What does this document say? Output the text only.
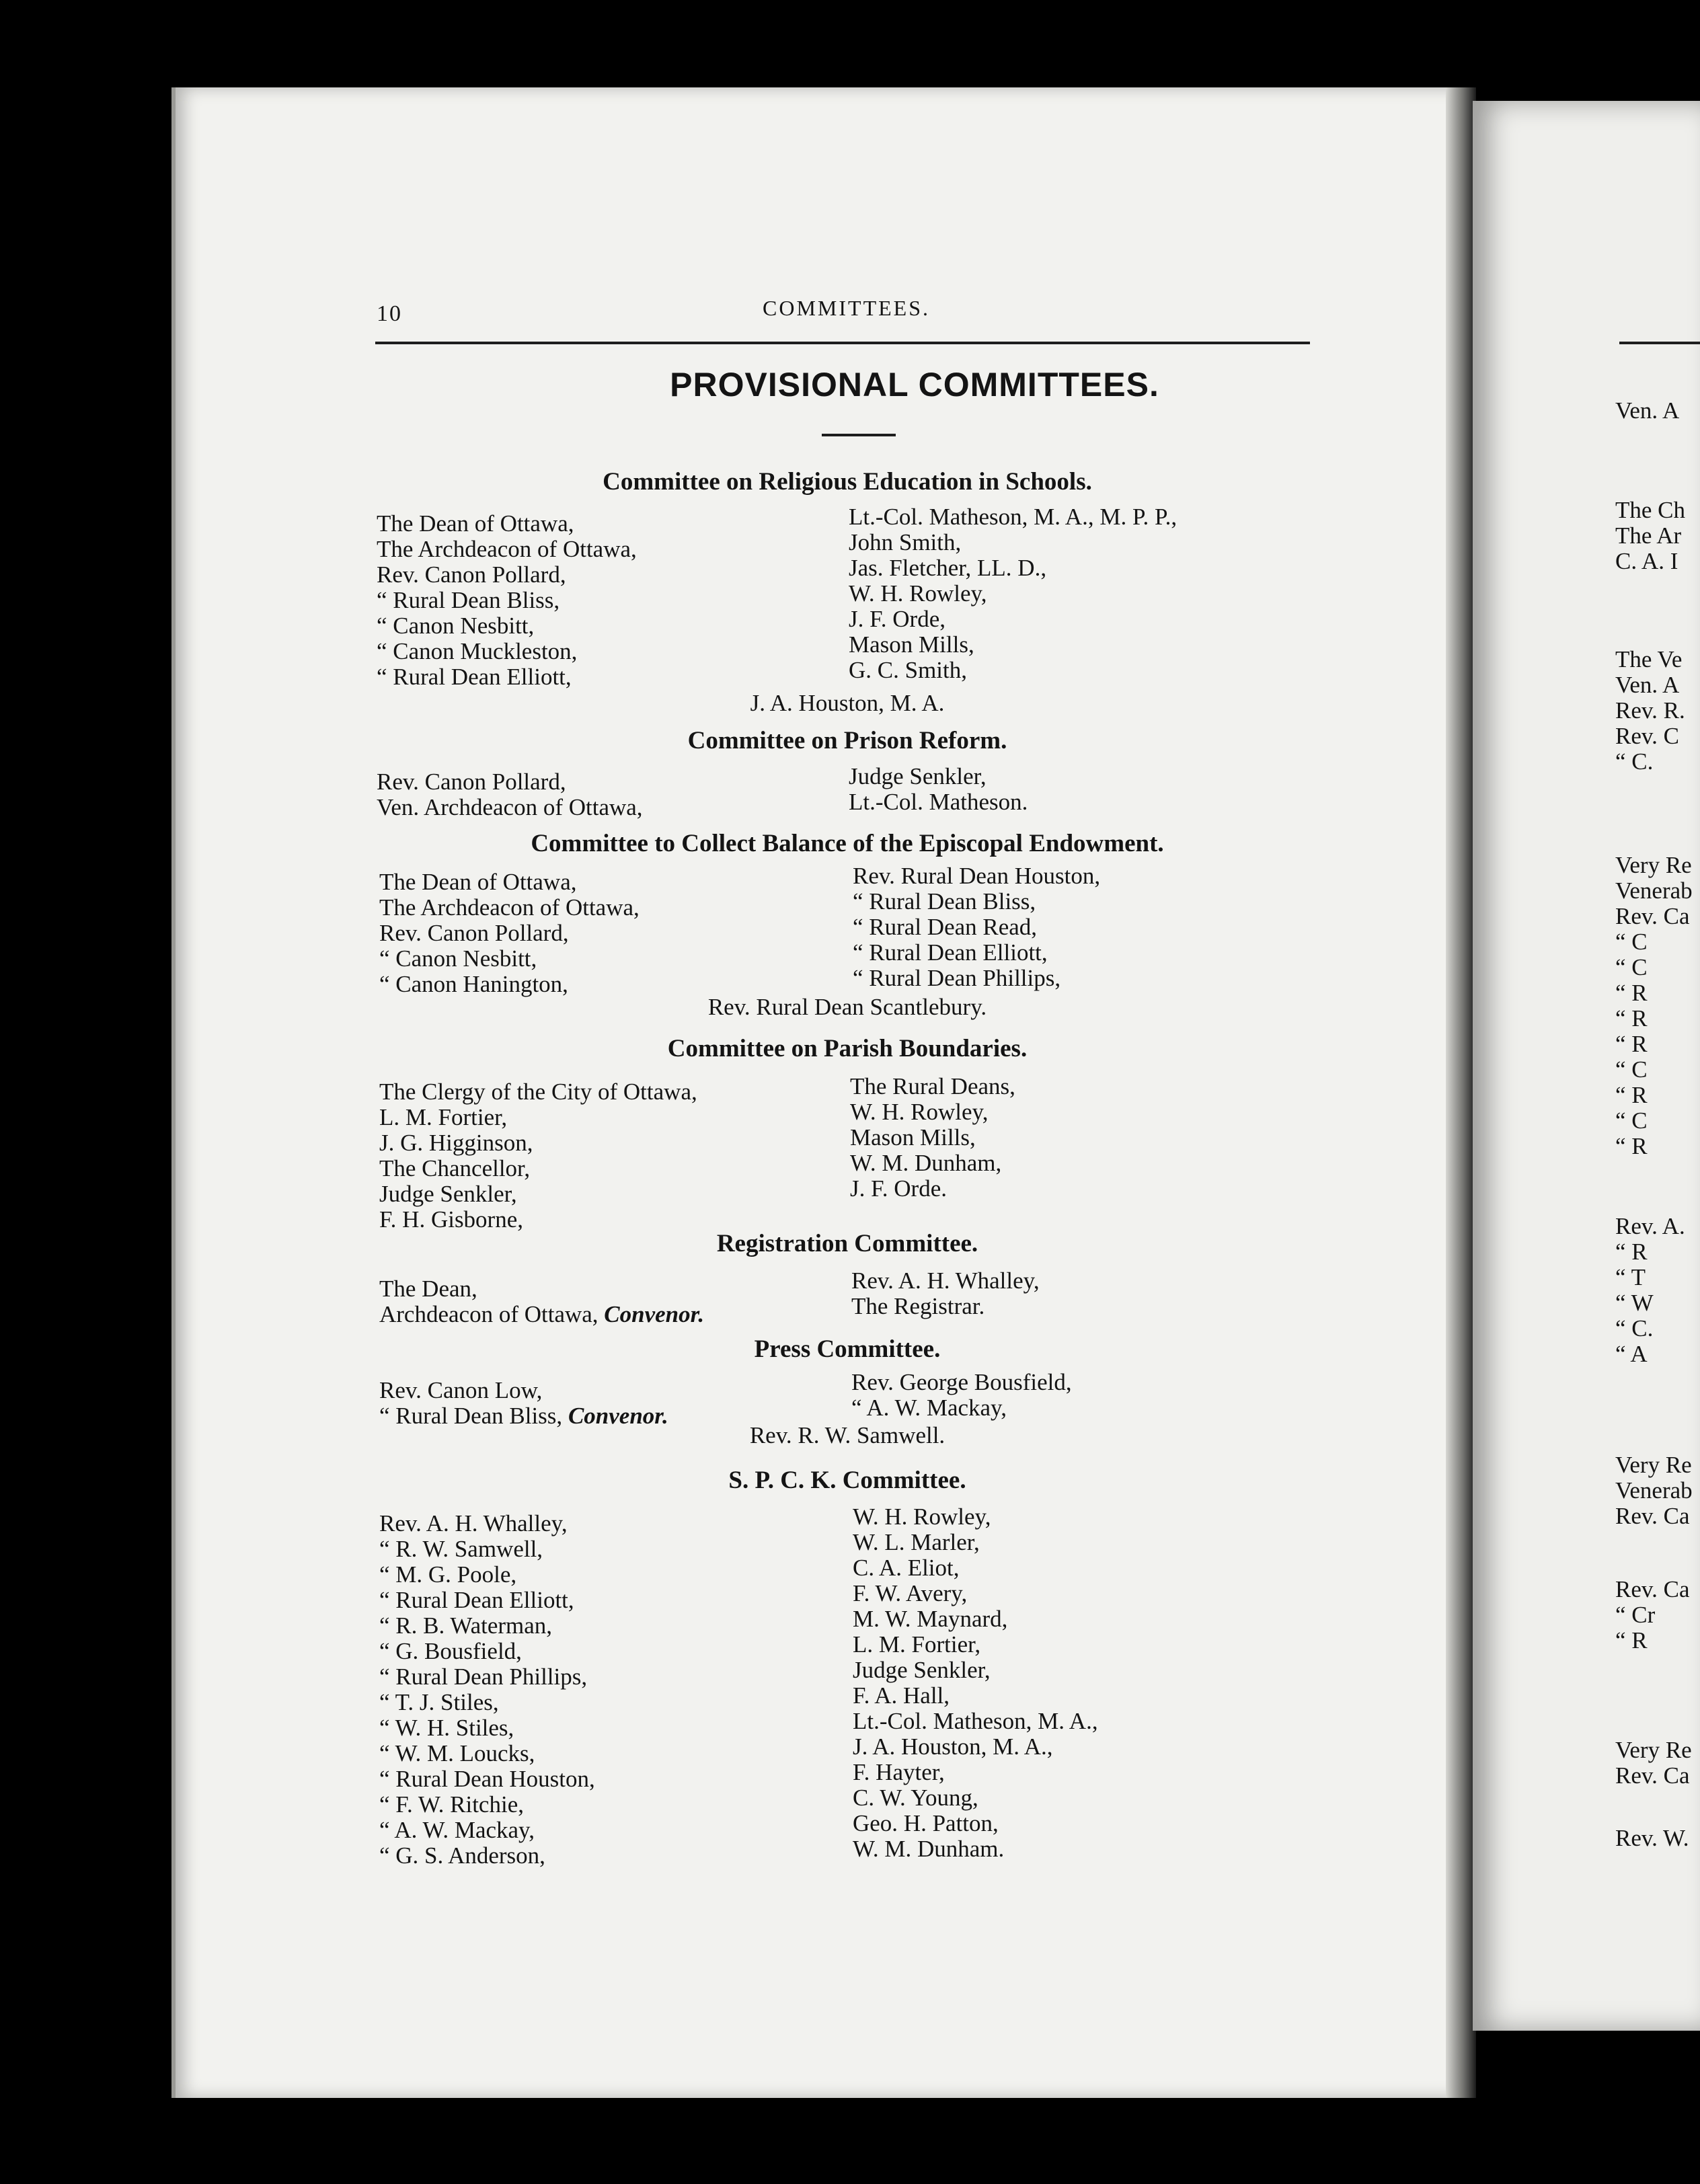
10	COMMITTEES.
PROVISIONAL COMMITTEES.
Committee on Religious Education in Schools.
The Dean of Ottawa,
The Archdeacon of Ottawa,
Rev. Canon Pollard,
“ Rural Dean Bliss,
“ Canon Nesbitt,
“ Canon Muckleston,
“ Rural Dean Elliott,
Lt.-Col. Matheson, M. A., M. P. P.,
John Smith,
Jas. Fletcher, LL. D.,
W. H. Rowley,
J. F. Orde,
Mason Mills,
G. C. Smith,
J. A. Houston, M. A.
Committee on Prison Reform.
Rev. Canon Pollard,
Ven. Archdeacon of Ottawa,
Judge Senkler,
Lt.-Col. Matheson.
Committee to Collect Balance of the Episcopal Endowment.
The Dean of Ottawa,
The Archdeacon of Ottawa,
Rev. Canon Pollard,
“ Canon Nesbitt,
“ Canon Hanington,
Rev. Rural Dean Houston,
“ Rural Dean Bliss,
“ Rural Dean Read,
“ Rural Dean Elliott,
“ Rural Dean Phillips,
Rev. Rural Dean Scantlebury.
Committee on Parish Boundaries.
The Clergy of the City of Ottawa,
L. M. Fortier,
J. G. Higginson,
The Chancellor,
Judge Senkler,
F. H. Gisborne,
The Rural Deans,
W. H. Rowley,
Mason Mills,
W. M. Dunham,
J. F. Orde.
Registration Committee.
The Dean,
Archdeacon of Ottawa, Convenor.
Rev. A. H. Whalley,
The Registrar.
Press Committee.
Rev. Canon Low,
“ Rural Dean Bliss, Convenor.
Rev. George Bousfield,
“ A. W. Mackay,
Rev. R. W. Samwell.
S. P. C. K. Committee.
Rev. A. H. Whalley,
“ R. W. Samwell,
“ M. G. Poole,
“ Rural Dean Elliott,
“ R. B. Waterman,
“ G. Bousfield,
“ Rural Dean Phillips,
“ T. J. Stiles,
“ W. H. Stiles,
“ W. M. Loucks,
“ Rural Dean Houston,
“ F. W. Ritchie,
“ A. W. Mackay,
“ G. S. Anderson,
W. H. Rowley,
W. L. Marler,
C. A. Eliot,
F. W. Avery,
M. W. Maynard,
L. M. Fortier,
Judge Senkler,
F. A. Hall,
Lt.-Col. Matheson, M. A.,
J. A. Houston, M. A.,
F. Hayter,
C. W. Young,
Geo. H. Patton,
W. M. Dunham.
Ven. A
The Ch
The Ar
C. A. I
The Ve
Ven. A
Rev. R.
Rev. C
“ C.
Very Re
Venerab
Rev. Ca
“ C
“ C
“ R
“ R
“ R
“ C
“ R
“ C
“ R
Rev. A.
“ R
“ T
“ W
“ C.
“ A
Very Re
Venerab
Rev. Ca
Rev. Ca
“ Cr
“ R
Very Re
Rev. Ca
Rev. W.
